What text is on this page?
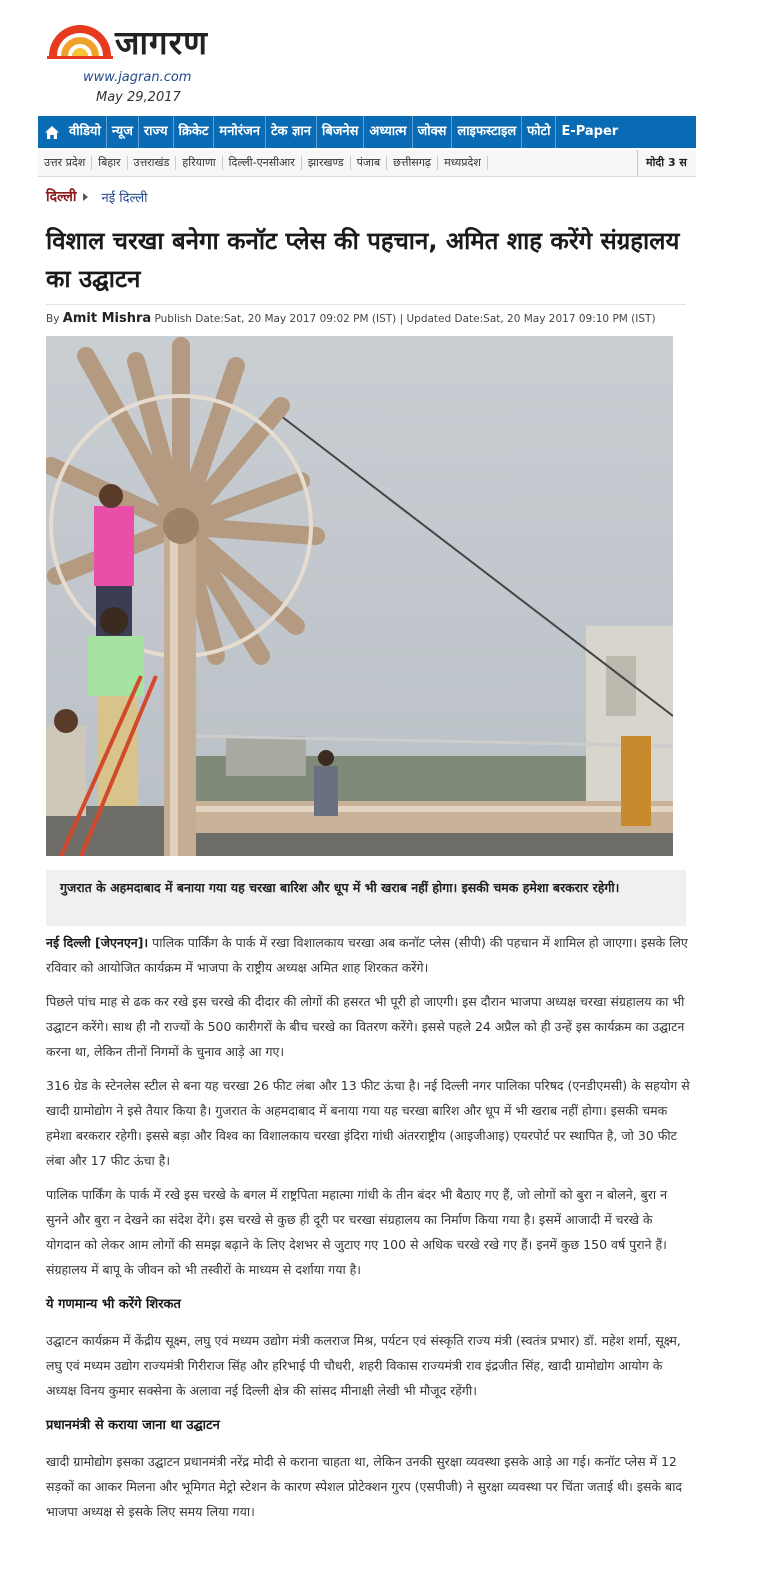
जागरण
www.jagran.com
May 29,2017
वीडियो न्यूज राज्य क्रिकेट मनोरंजन टेक ज्ञान बिजनेस अध्यात्म जोक्स लाइफस्टाइल फोटो E-Paper
उत्तर प्रदेश	बिहार	उत्तराखंड	हरियाणा	दिल्ली-एनसीआर	झारखण्ड	पंजाब	छत्तीसगढ़	मध्यप्रदेश	मोदी 3 स
दिल्ली नई दिल्ली
विशाल चरखा बनेगा कनॉट प्लेस की पहचान, अमित शाह करेंगे संग्रहालय का उद्घाटन
By Amit Mishra Publish Date:Sat, 20 May 2017 09:02 PM (IST) | Updated Date:Sat, 20 May 2017 09:10 PM (IST)

गुजरात के अहमदाबाद में बनाया गया यह चरखा बारिश और धूप में भी खराब नहीं होगा। इसकी चमक हमेशा बरकरार रहेगी।

नई दिल्ली [जेएनएन]। पालिक पार्किंग के पार्क में रखा विशालकाय चरखा अब कनॉट प्लेस (सीपी) की पहचान में शामिल हो जाएगा। इसके लिए रविवार को आयोजित कार्यक्रम में भाजपा के राष्ट्रीय अध्यक्ष अमित शाह शिरकत करेंगे।

पिछले पांच माह से ढक कर रखे इस चरखे की दीदार की लोगों की हसरत भी पूरी हो जाएगी। इस दौरान भाजपा अध्यक्ष चरखा संग्रहालय का भी उद्घाटन करेंगे। साथ ही नौ राज्यों के 500 कारीगरों के बीच चरखे का वितरण करेंगे। इससे पहले 24 अप्रैल को ही उन्हें इस कार्यक्रम का उद्घाटन करना था, लेकिन तीनों निगमों के चुनाव आड़े आ गए।

316 ग्रेड के स्टेनलेस स्टील से बना यह चरखा 26 फीट लंबा और 13 फीट ऊंचा है। नई दिल्ली नगर पालिका परिषद (एनडीएमसी) के सहयोग से खादी ग्रामोद्योग ने इसे तैयार किया है। गुजरात के अहमदाबाद में बनाया गया यह चरखा बारिश और धूप में भी खराब नहीं होगा। इसकी चमक हमेशा बरकरार रहेगी। इससे बड़ा और विश्व का विशालकाय चरखा इंदिरा गांधी अंतरराष्ट्रीय (आइजीआइ) एयरपोर्ट पर स्थापित है, जो 30 फीट लंबा और 17 फीट ऊंचा है।

पालिक पार्किंग के पार्क में रखे इस चरखे के बगल में राष्ट्रपिता महात्मा गांधी के तीन बंदर भी बैठाए गए हैं, जो लोगों को बुरा न बोलने, बुरा न सुनने और बुरा न देखने का संदेश देंगे। इस चरखे से कुछ ही दूरी पर चरखा संग्रहालय का निर्माण किया गया है। इसमें आजादी में चरखे के योगदान को लेकर आम लोगों की समझ बढ़ाने के लिए देशभर से जुटाए गए 100 से अधिक चरखे रखे गए हैं। इनमें कुछ 150 वर्ष पुराने हैं। संग्रहालय में बापू के जीवन को भी तस्वीरों के माध्यम से दर्शाया गया है।

ये गणमान्य भी करेंगे शिरकत

उद्घाटन कार्यक्रम में केंद्रीय सूक्ष्म, लघु एवं मध्यम उद्योग मंत्री कलराज मिश्र, पर्यटन एवं संस्कृति राज्य मंत्री (स्वतंत्र प्रभार) डॉ. महेश शर्मा, सूक्ष्म, लघु एवं मध्यम उद्योग राज्यमंत्री गिरीराज सिंह और हरिभाई पी चौधरी, शहरी विकास राज्यमंत्री राव इंद्रजीत सिंह, खादी ग्रामोद्योग आयोग के अध्यक्ष विनय कुमार सक्सेना के अलावा नई दिल्ली क्षेत्र की सांसद मीनाक्षी लेखी भी मौजूद रहेंगी।

प्रधानमंत्री से कराया जाना था उद्घाटन

खादी ग्रामोद्योग इसका उद्घाटन प्रधानमंत्री नरेंद्र मोदी से कराना चाहता था, लेकिन उनकी सुरक्षा व्यवस्था इसके आड़े आ गई। कनॉट प्लेस में 12 सड़कों का आकर मिलना और भूमिगत मेट्रो स्टेशन के कारण स्पेशल प्रोटेक्शन गुरप (एसपीजी) ने सुरक्षा व्यवस्था पर चिंता जताई थी। इसके बाद भाजपा अध्यक्ष से इसके लिए समय लिया गया।
